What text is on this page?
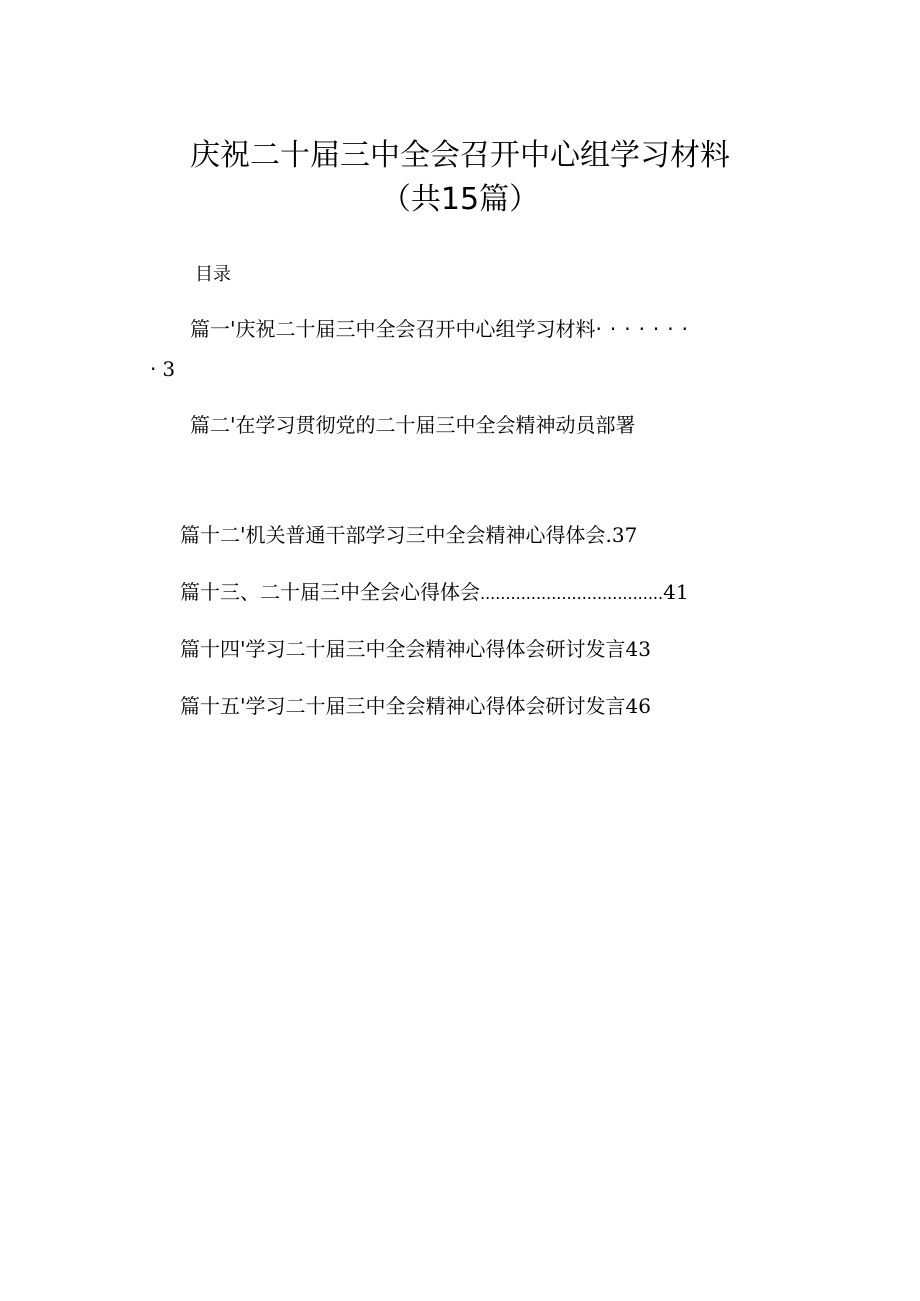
庆祝二十届三中全会召开中心组学习材料
（共15篇）
目录
篇一'庆祝二十届三中全会召开中心组学习材料·······
·3
篇二'在学习贯彻党的二十届三中全会精神动员部署
篇十二'机关普通干部学习三中全会精神心得体会.37
篇十三、二十届三中全会心得体会....................................41
篇十四'学习二十届三中全会精神心得体会研讨发言43
篇十五'学习二十届三中全会精神心得体会研讨发言46
